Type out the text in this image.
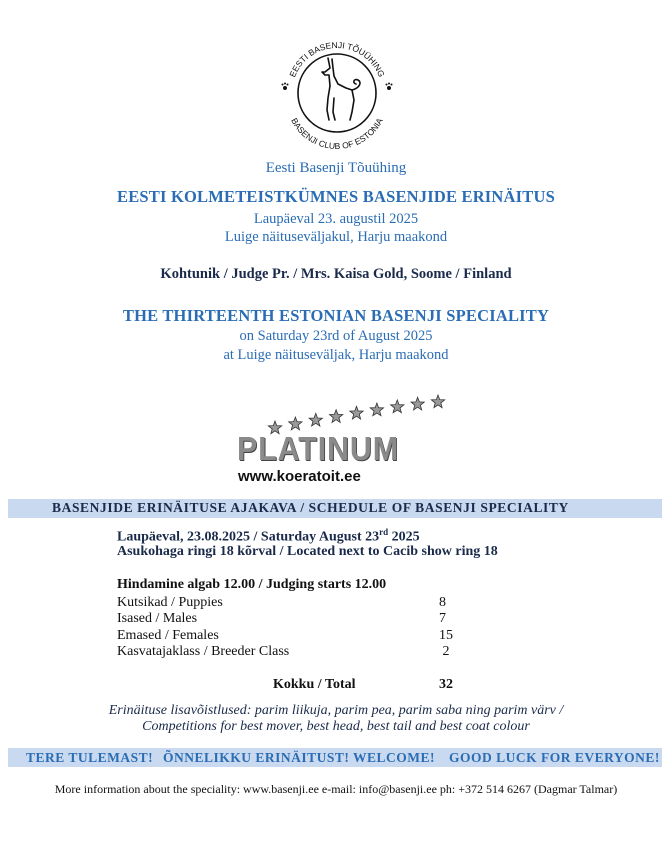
EESTI BASENJI TÕUÜHING
BASENJI CLUB OF ESTONIA
Eesti Basenji Tõuühing
EESTI KOLMETEISTKÜMNES BASENJIDE ERINÄITUS
Laupäeval 23. augustil 2025
Luige näituseväljakul, Harju maakond
Kohtunik / Judge Pr. / Mrs. Kaisa Gold, Soome / Finland
THE THIRTEENTH ESTONIAN BASENJI SPECIALITY
on Saturday 23rd of August 2025
at Luige näituseväljak, Harju maakond
PLATINUM
www.koeratoit.ee
BASENJIDE ERINÄITUSE AJAKAVA / SCHEDULE OF BASENJI SPECIALITY
Laupäeval, 23.08.2025 / Saturday August 23rd 2025
Asukohaga ringi 18 kõrval / Located next to Cacib show ring 18
Hindamine algab 12.00 / Judging starts 12.00
Kutsikad / Puppies	8
Isased / Males	7
Emased / Females	15
Kasvatajaklass / Breeder Class	2
Kokku / Total	32
Erinäituse lisavõistlused: parim liikuja, parim pea, parim saba ning parim värv /
Competitions for best mover, best head, best tail and best coat colour
TERE TULEMAST! ÕNNELIKKU ERINÄITUST! WELCOME! GOOD LUCK FOR EVERYONE!
More information about the speciality: www.basenji.ee e-mail: info@basenji.ee ph: +372 514 6267 (Dagmar Talmar)
